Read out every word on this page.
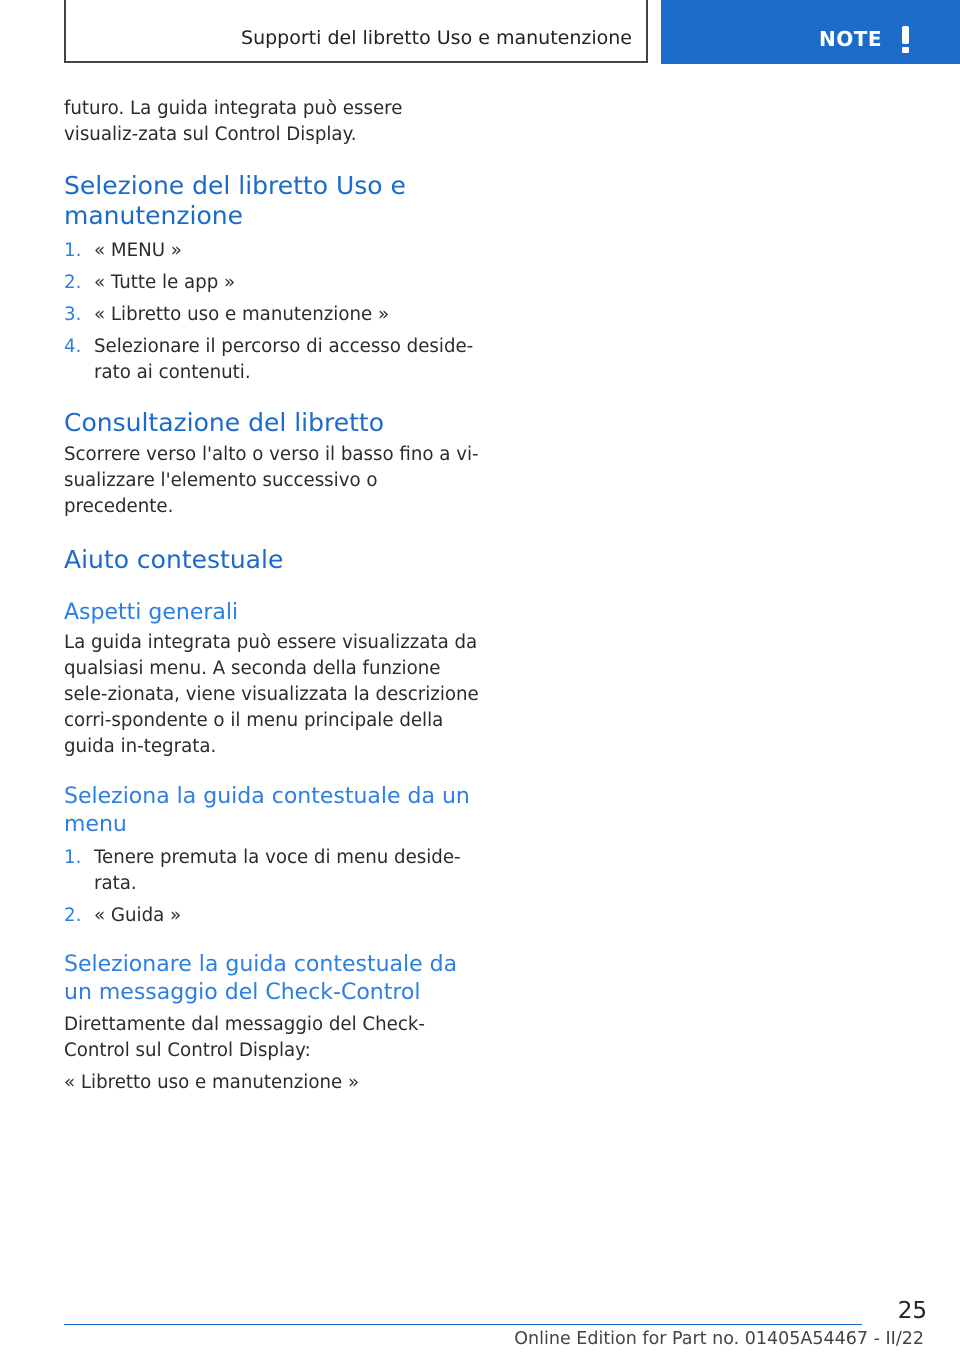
Supporti del libretto Uso e manutenzione	NOTE

futuro. La guida integrata può essere visualiz-zata sul Control Display.

Selezione del libretto Uso e manutenzione
1. « MENU »
2. « Tutte le app »
3. « Libretto uso e manutenzione »
4. Selezionare il percorso di accesso deside-rato ai contenuti.
Consultazione del libretto

Scorrere verso l'alto o verso il basso fino a vi-sualizzare l'elemento successivo o precedente.

Aiuto contestuale
Aspetti generali

La guida integrata può essere visualizzata da qualsiasi menu. A seconda della funzione sele-zionata, viene visualizzata la descrizione corri-spondente o il menu principale della guida in-tegrata.

Seleziona la guida contestuale da un menu
1. Tenere premuta la voce di menu deside-rata.
2. « Guida »
Selezionare la guida contestuale da un messaggio del Check-Control

Direttamente dal messaggio del Check-Control sul Control Display:

« Libretto uso e manutenzione »

25
Online Edition for Part no. 01405A54467 - II/22
